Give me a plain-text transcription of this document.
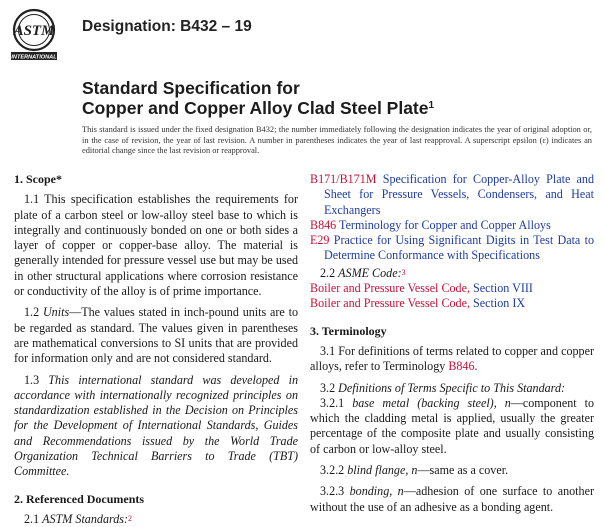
ASTM
INTERNATIONAL
Designation: B432 – 19
Standard Specification for
Copper and Copper Alloy Clad Steel Plate$^1$
This standard is issued under the fixed designation B432; the number immediately following the designation indicates the year of original adoption or, in the case of revision, the year of last revision. A number in parentheses indicates the year of last reapproval. A superscript epsilon (ε) indicates an editorial change since the last revision or reapproval.
1. Scope*

1.1 This specification establishes the requirements for plate of a carbon steel or low-alloy steel base to which is integrally and continuously bonded on one or both sides a layer of copper or copper-base alloy. The material is generally intended for pressure vessel use but may be used in other structural applications where corrosion resistance or conductivity of the alloy is of prime importance.

1.2 Units—The values stated in inch-pound units are to be regarded as standard. The values given in parentheses are mathematical conversions to SI units that are provided for information only and are not considered standard.

1.3 This international standard was developed in accordance with internationally recognized principles on standardization established in the Decision on Principles for the Development of International Standards, Guides and Recommendations issued by the World Trade Organization Technical Barriers to Trade (TBT) Committee.

2. Referenced Documents

2.1 ASTM Standards:$^2$

B171/B171M Specification for Copper-Alloy Plate and Sheet for Pressure Vessels, Condensers, and Heat Exchangers

B846 Terminology for Copper and Copper Alloys

E29 Practice for Using Significant Digits in Test Data to Determine Conformance with Specifications

2.2 ASME Code:$^3$

Boiler and Pressure Vessel Code, Section VIII

Boiler and Pressure Vessel Code, Section IX

3. Terminology

3.1 For definitions of terms related to copper and copper alloys, refer to Terminology B846.

3.2 Definitions of Terms Specific to This Standard:

3.2.1 base metal (backing steel), n—component to which the cladding metal is applied, usually the greater percentage of the composite plate and usually consisting of carbon or low-alloy steel.

3.2.2 blind flange, n—same as a cover.

3.2.3 bonding, n—adhesion of one surface to another without the use of an adhesive as a bonding agent.
